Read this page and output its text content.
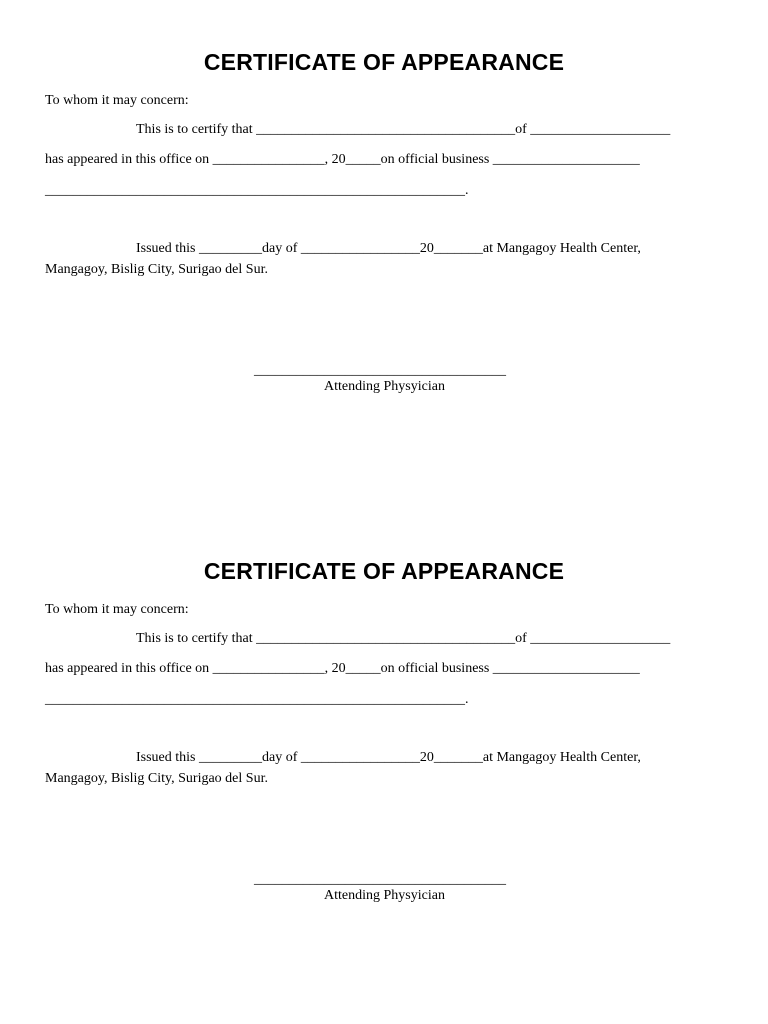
CERTIFICATE OF APPEARANCE

To whom it may concern:

This is to certify that _____________________________________of ____________________

has appeared in this office on ________________, 20_____on official business _____________________

____________________________________________________________.

Issued this _________day of _________________20_______at Mangagoy Health Center,

Mangagoy, Bislig City, Surigao del Sur.

____________________________________

Attending Physyician

CERTIFICATE OF APPEARANCE

To whom it may concern:

This is to certify that _____________________________________of ____________________

has appeared in this office on ________________, 20_____on official business _____________________

____________________________________________________________.

Issued this _________day of _________________20_______at Mangagoy Health Center,

Mangagoy, Bislig City, Surigao del Sur.

____________________________________

Attending Physyician
